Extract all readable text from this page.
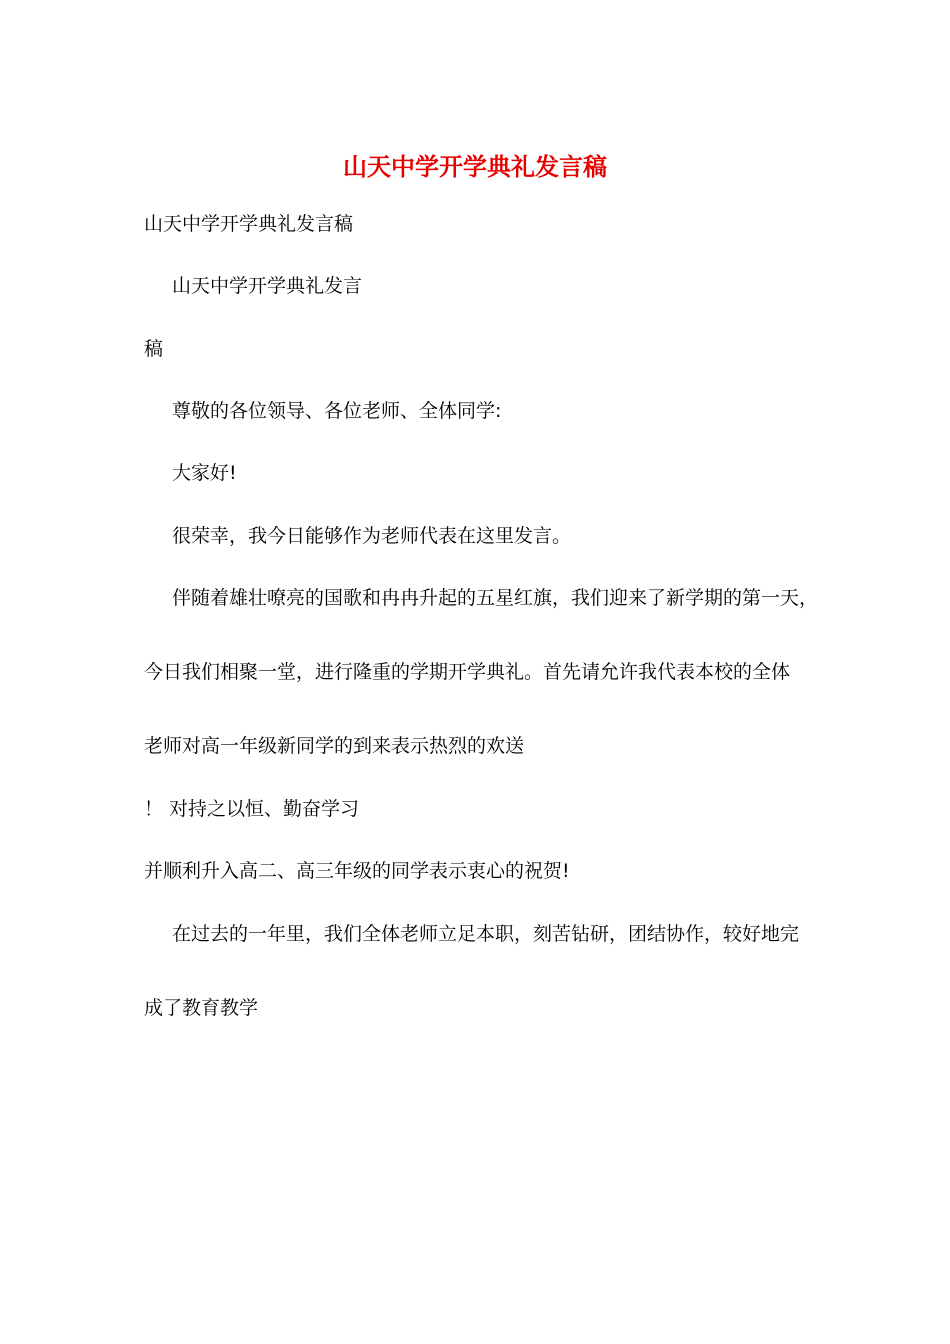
山天中学开学典礼发言稿
山天中学开学典礼发言稿
山天中学开学典礼发言
稿
尊敬的各位领导、各位老师、全体同学:
大家好!
很荣幸，我今日能够作为老师代表在这里发言。
伴随着雄壮嘹亮的国歌和冉冉升起的五星红旗，我们迎来了新学期的第一天，
今日我们相聚一堂，进行隆重的学期开学典礼。首先请允许我代表本校的全体
老师对高一年级新同学的到来表示热烈的欢送
！ 对持之以恒、勤奋学习
并顺利升入高二、高三年级的同学表示衷心的祝贺!
在过去的一年里，我们全体老师立足本职，刻苦钻研，团结协作，较好地完
成了教育教学
